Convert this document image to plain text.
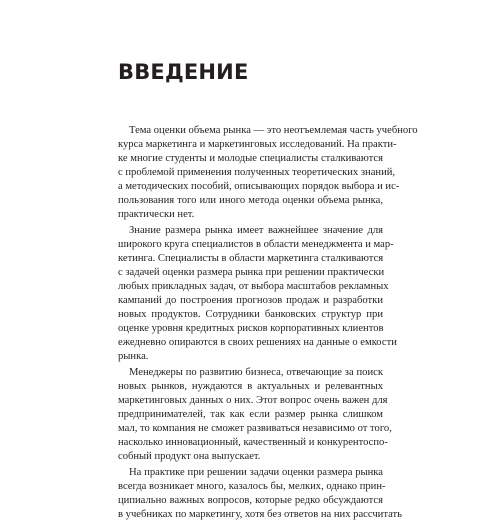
ВВЕДЕНИЕ

Тема оценки объема рынка — это неотъемлемая часть учебного
курса маркетинга и маркетинговых исследований. На практи-
ке многие студенты и молодые специалисты сталкиваются
с проблемой применения полученных теоретических знаний,
а методических пособий, описывающих порядок выбора и ис-
пользования того или иного метода оценки объема рынка,
практически нет.

Знание размера рынка имеет важнейшее значение для
широкого круга специалистов в области менеджмента и мар-
кетинга. Специалисты в области маркетинга сталкиваются
с задачей оценки размера рынка при решении практически
любых прикладных задач, от выбора масштабов рекламных
кампаний до построения прогнозов продаж и разработки
новых продуктов. Сотрудники банковских структур при
оценке уровня кредитных рисков корпоративных клиентов
ежедневно опираются в своих решениях на данные о емкости
рынка.

Менеджеры по развитию бизнеса, отвечающие за поиск
новых рынков, нуждаются в актуальных и релевантных
маркетинговых данных о них. Этот вопрос очень важен для
предпринимателей, так как если размер рынка слишком
мал, то компания не сможет развиваться независимо от того,
насколько инновационный, качественный и конкурентоспо-
собный продукт она выпускает.

На практике при решении задачи оценки размера рынка
всегда возникает много, казалось бы, мелких, однако прин-
ципиально важных вопросов, которые редко обсуждаются
в учебниках по маркетингу, хотя без ответов на них рассчитать
